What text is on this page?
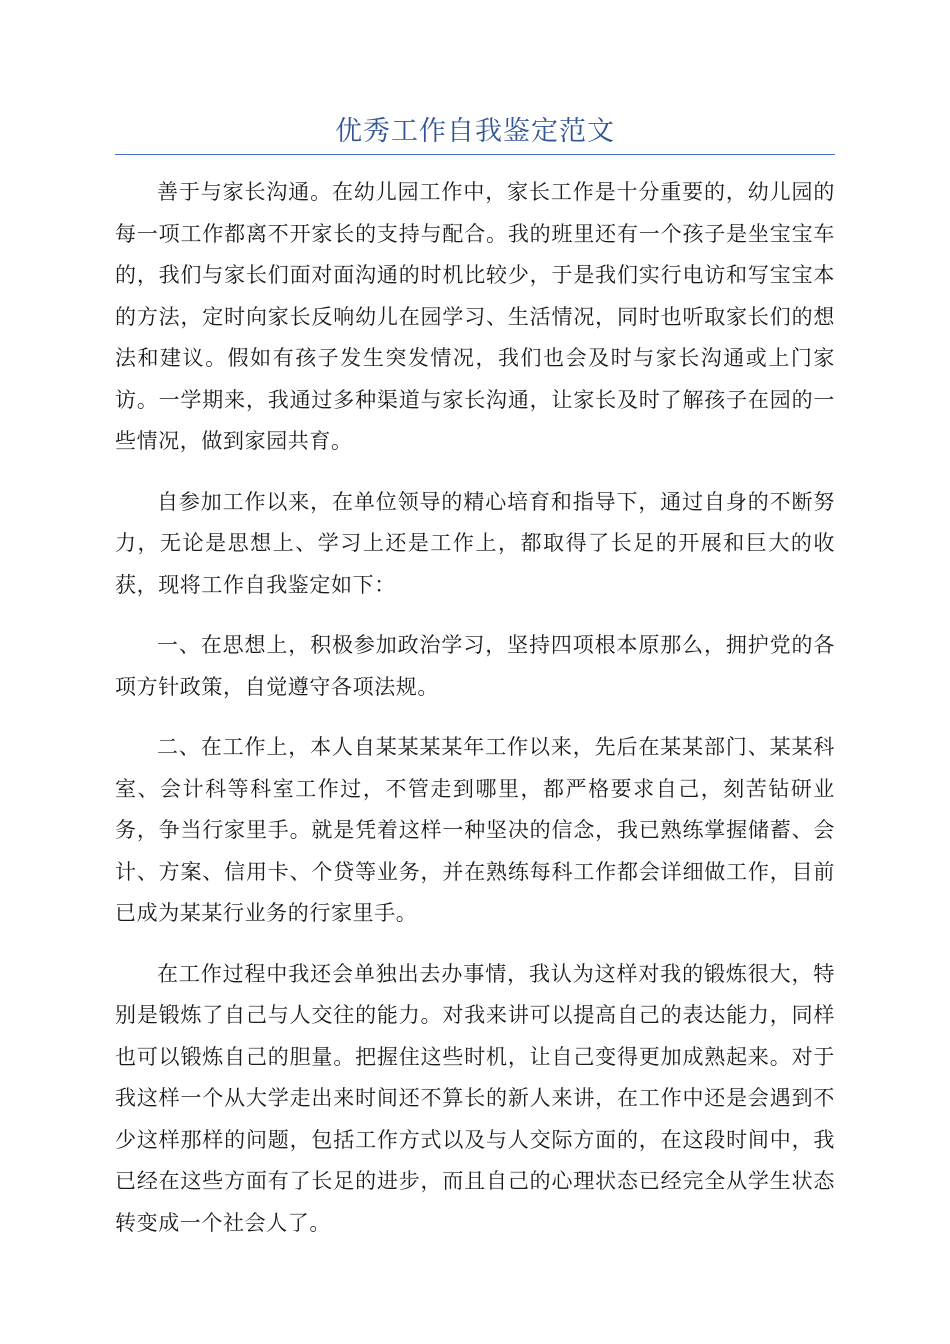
优秀工作自我鉴定范文

善于与家长沟通。在幼儿园工作中，家长工作是十分重要的，幼儿园的每一项工作都离不开家长的支持与配合。我的班里还有一个孩子是坐宝宝车的，我们与家长们面对面沟通的时机比较少，于是我们实行电访和写宝宝本的方法，定时向家长反响幼儿在园学习、生活情况，同时也听取家长们的想法和建议。假如有孩子发生突发情况，我们也会及时与家长沟通或上门家访。一学期来，我通过多种渠道与家长沟通，让家长及时了解孩子在园的一些情况，做到家园共育。

自参加工作以来，在单位领导的精心培育和指导下，通过自身的不断努力，无论是思想上、学习上还是工作上，都取得了长足的开展和巨大的收获，现将工作自我鉴定如下：

一、在思想上，积极参加政治学习，坚持四项根本原那么，拥护党的各项方针政策，自觉遵守各项法规。

二、在工作上，本人自某某某某年工作以来，先后在某某部门、某某科室、会计科等科室工作过，不管走到哪里，都严格要求自己，刻苦钻研业务，争当行家里手。就是凭着这样一种坚决的信念，我已熟练掌握储蓄、会计、方案、信用卡、个贷等业务，并在熟练每科工作都会详细做工作，目前已成为某某行业务的行家里手。

在工作过程中我还会单独出去办事情，我认为这样对我的锻炼很大，特别是锻炼了自己与人交往的能力。对我来讲可以提高自己的表达能力，同样也可以锻炼自己的胆量。把握住这些时机，让自己变得更加成熟起来。对于我这样一个从大学走出来时间还不算长的新人来讲，在工作中还是会遇到不少这样那样的问题，包括工作方式以及与人交际方面的，在这段时间中，我已经在这些方面有了长足的进步，而且自己的心理状态已经完全从学生状态转变成一个社会人了。
